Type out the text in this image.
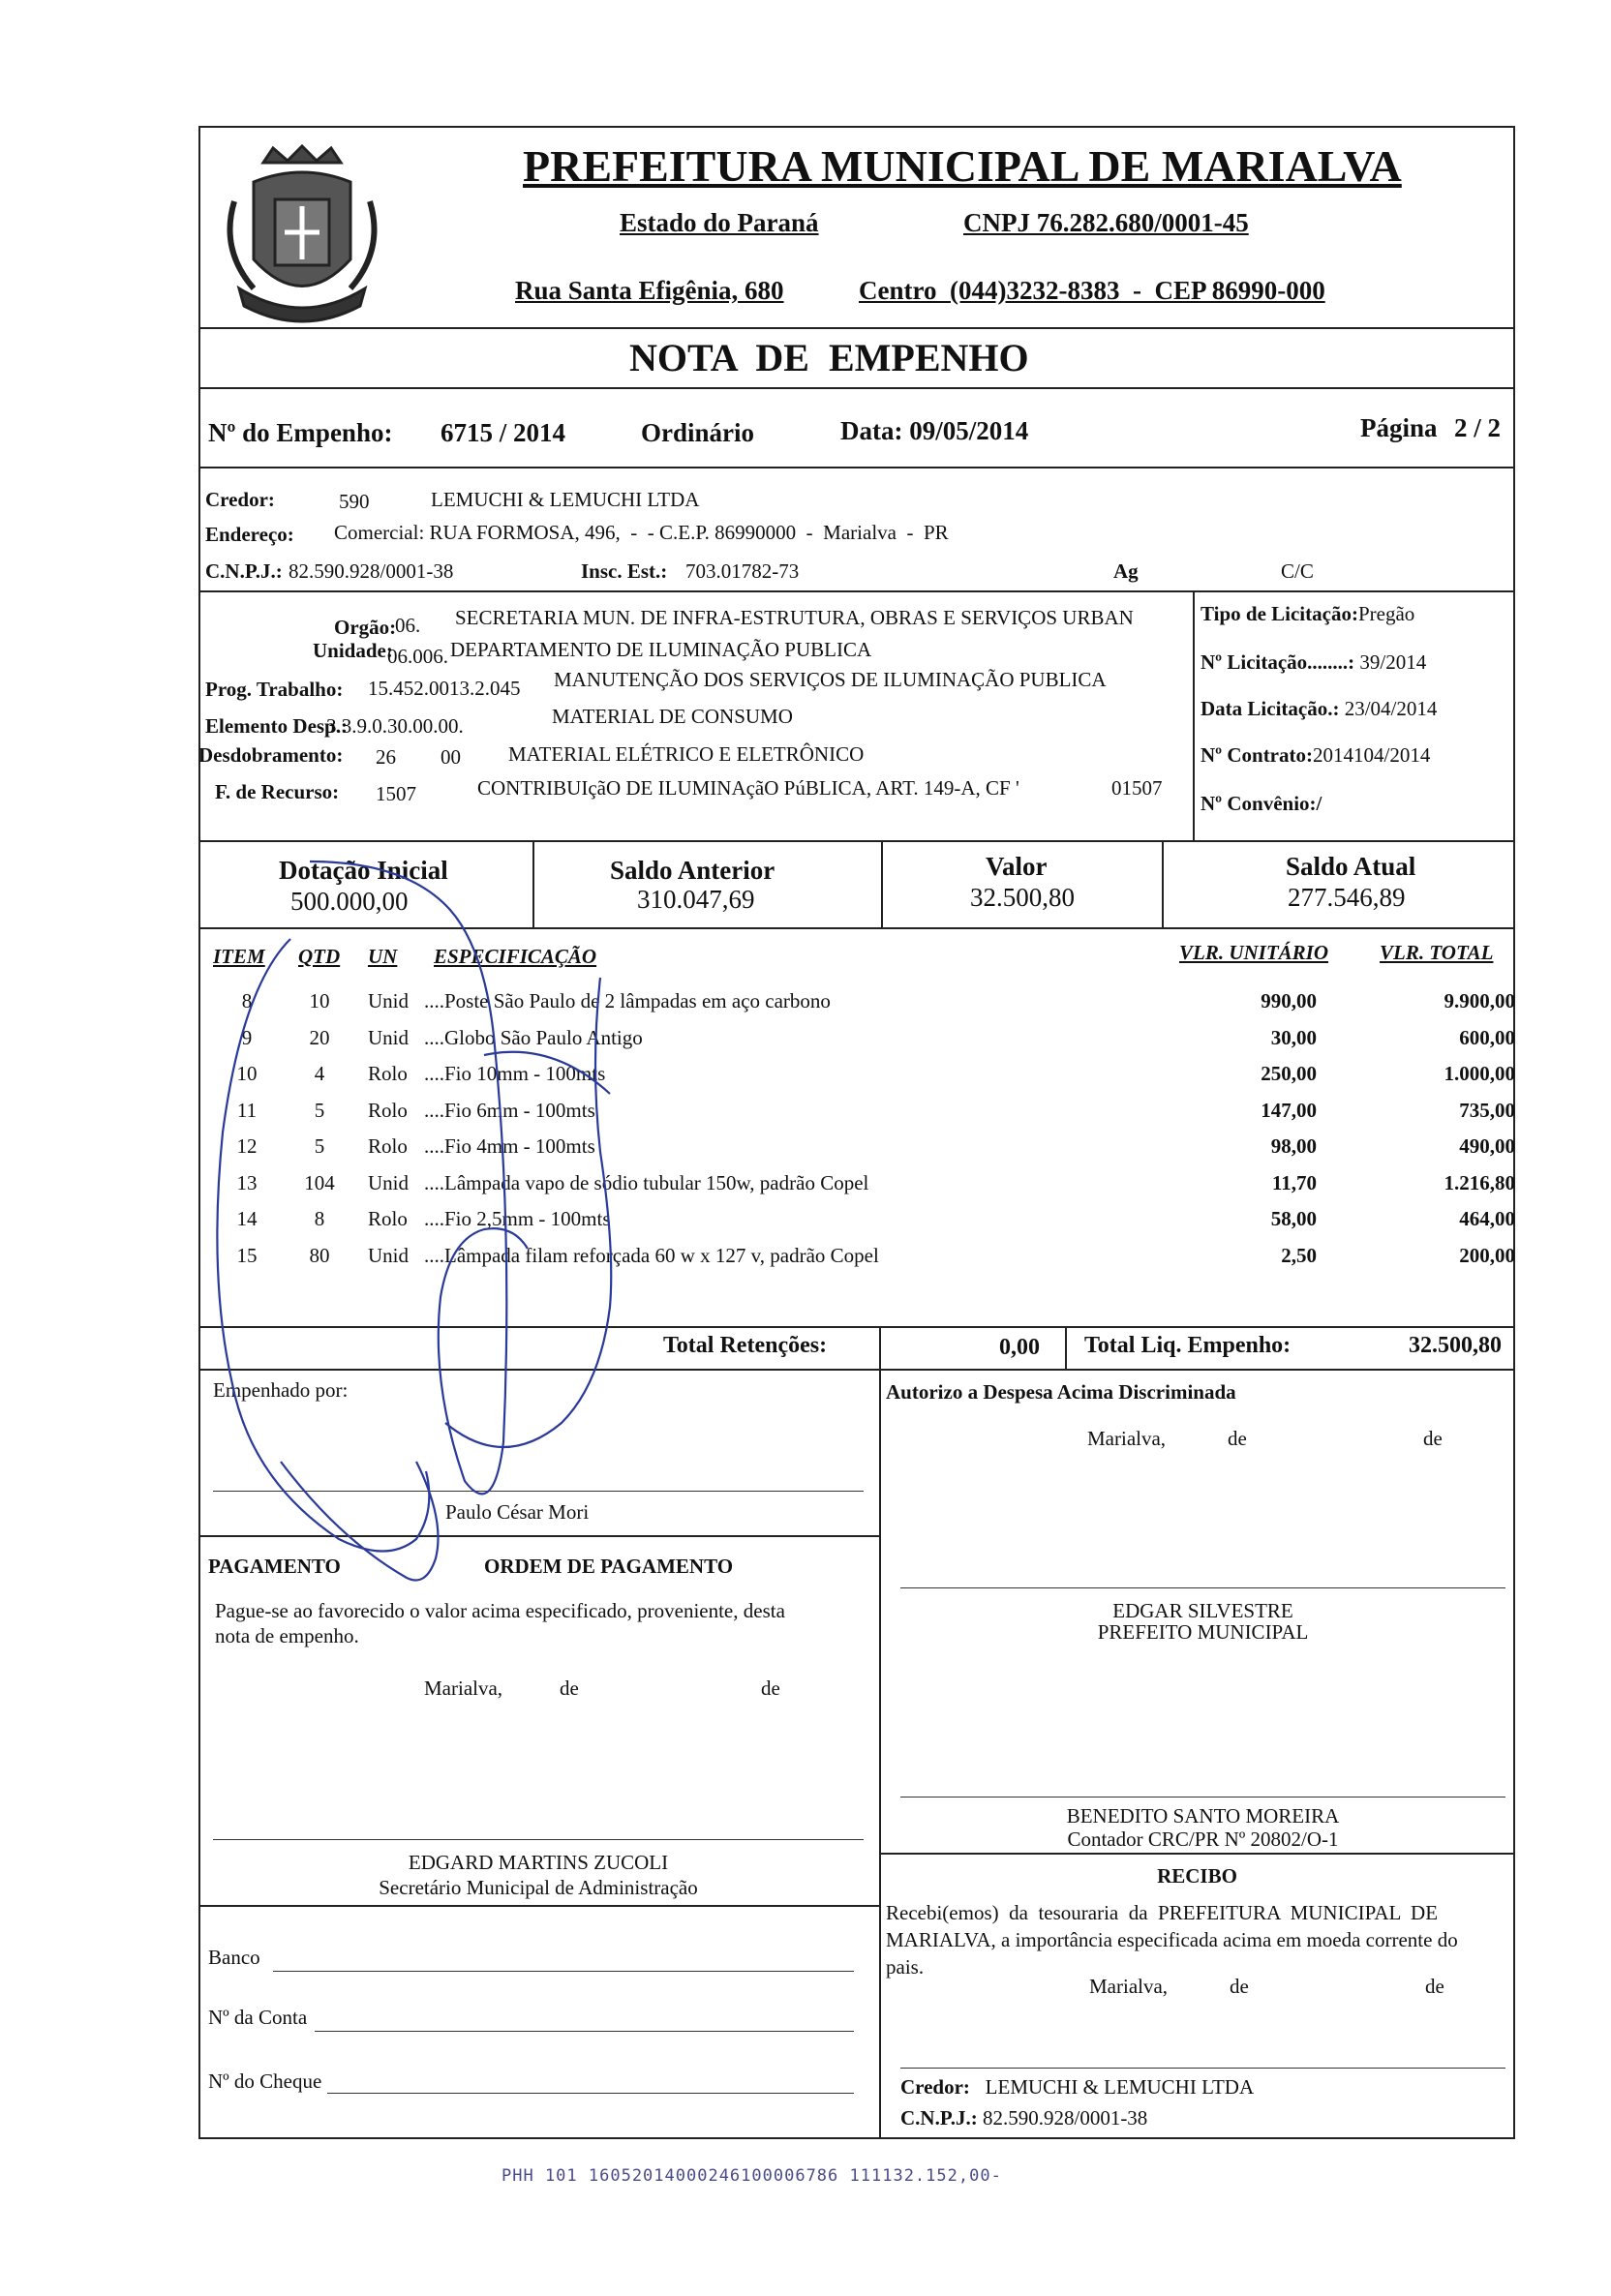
PREFEITURA MUNICIPAL DE MARIALVA
Estado do Paraná	CNPJ 76.282.680/0001-45
Rua Santa Efigênia, 680	Centro  (044)3232-8383  -  CEP 86990-000
NOTA  DE  EMPENHO
Nº do Empenho: 6715 / 2014	Ordinário	Data: 09/05/2014	Página 2 / 2
Credor:	590	LEMUCHI & LEMUCHI LTDA
Endereço: Comercial: RUA FORMOSA, 496,  -  - C.E.P. 86990000  -  Marialva  -  PR
C.N.P.J.: 82.590.928/0001-38	Insc. Est.: 703.01782-73	Ag	C/C
Orgão:
06. SECRETARIA MUN. DE INFRA-ESTRUTURA, OBRAS E SERVIÇOS URBAN
Unidade:
06.006. DEPARTAMENTO DE ILUMINAÇÃO PUBLICA
Prog. Trabalho: 15.452.0013.2.045 MANUTENÇÃO DOS SERVIÇOS DE ILUMINAÇÃO PUBLICA
Elemento Desp.:
3.3.9.0.30.00.00.	MATERIAL DE CONSUMO
Desdobramento: 26 00 MATERIAL ELÉTRICO E ELETRÔNICO
F. de Recurso: 1507	CONTRIBUIçãO DE ILUMINAçãO PúBLICA, ART. 149-A, CF '	01507
Tipo de Licitação:Pregão
Nº Licitação........: 39/2014
Data Licitação.: 23/04/2014
Nº Contrato:2014104/2014
Nº Convênio:/
Dotação Inicial
500.000,00
Saldo Anterior
310.047,69
Valor
32.500,80
Saldo Atual
277.546,89
ITEM QTD UN ESPECIFICAÇÃO	VLR. UNITÁRIO	VLR. TOTAL
8	10	Unid ....Poste São Paulo de 2 lâmpadas em aço carbono	990,00	9.900,00
9	20	Unid ....Globo São Paulo Antigo	30,00	600,00
10	4	Rolo ....Fio 10mm - 100mts	250,00	1.000,00
11	5	Rolo ....Fio 6mm - 100mts	147,00	735,00
12	5	Rolo ....Fio 4mm - 100mts	98,00	490,00
13	104	Unid ....Lâmpada vapo de sódio tubular 150w, padrão Copel	11,70	1.216,80
14	8	Rolo ....Fio 2,5mm - 100mts	58,00	464,00
15	80	Unid ....Lâmpada filam reforçada 60 w x 127 v, padrão Copel	2,50	200,00
Total Retenções:	0,00 Total Liq. Empenho:	32.500,80
Empenhado por:
Paulo César Mori
PAGAMENTO	ORDEM DE PAGAMENTO
Pague-se ao favorecido o valor acima especificado, proveniente, desta
nota de empenho.
Marialva,	de	de
EDGARD MARTINS ZUCOLI
Secretário Municipal de Administração
Banco
Nº da Conta
Nº do Cheque
Autorizo a Despesa Acima Discriminada
Marialva,	de	de
EDGAR SILVESTRE
PREFEITO MUNICIPAL
BENEDITO SANTO MOREIRA
Contador CRC/PR Nº 20802/O-1
RECIBO
Recebi(emos)  da  tesouraria  da  PREFEITURA  MUNICIPAL  DE
MARIALVA, a importância especificada acima em moeda corrente do
pais.
Marialva,	de	de
Credor: LEMUCHI & LEMUCHI LTDA
C.N.P.J.: 82.590.928/0001-38
PHH 101 16052014000246100006786 111132.152,00-
